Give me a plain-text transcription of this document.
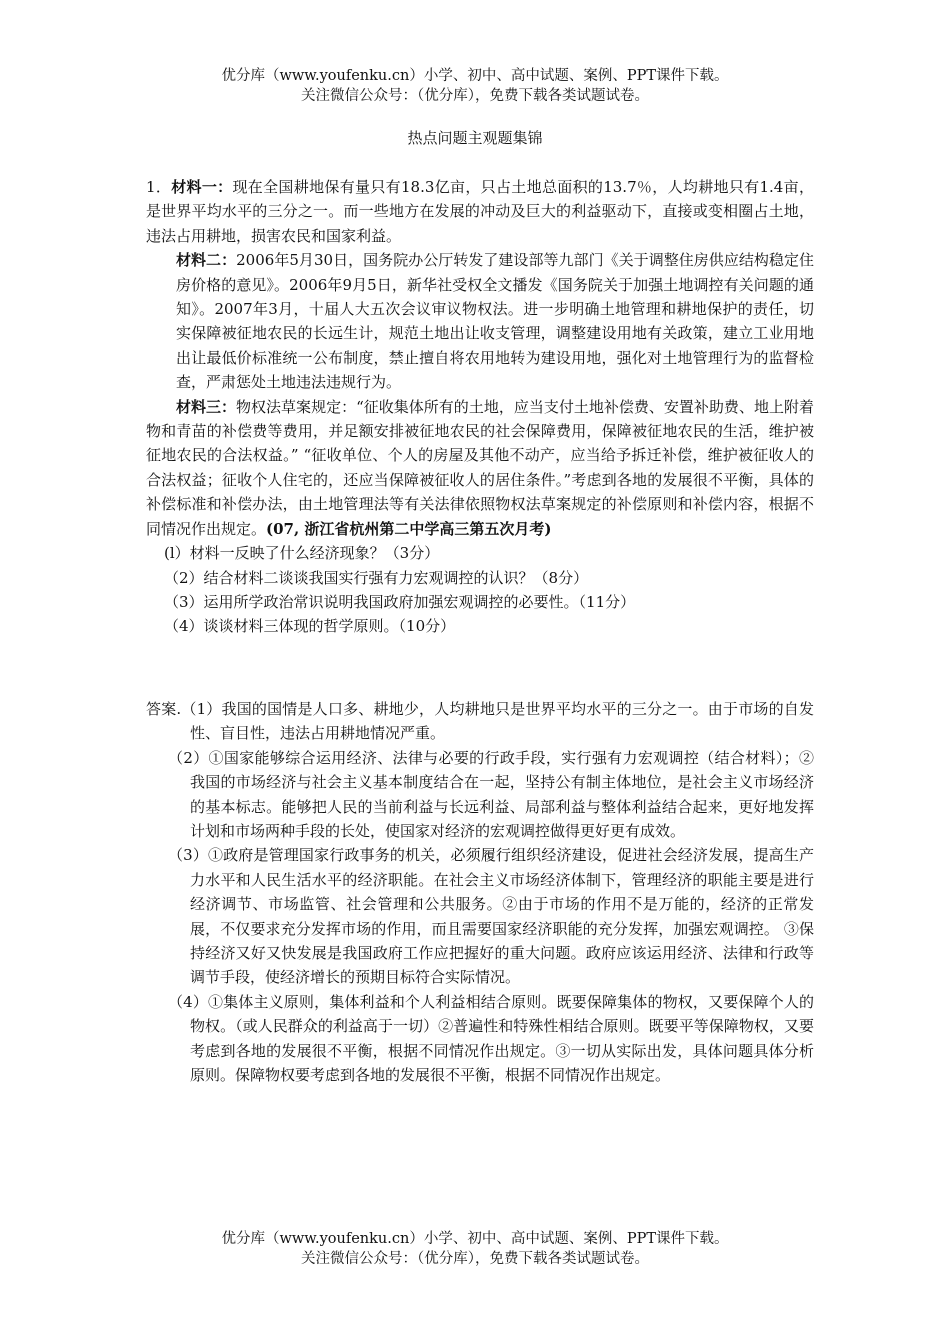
优分库（www.youfenku.cn）小学、初中、高中试题、案例、PPT课件下载。
关注微信公众号：（优分库），免费下载各类试题试卷。
热点问题主观题集锦

1．材料一：现在全国耕地保有量只有18.3亿亩，只占土地总面积的13.7％，人均耕地只有1.4亩，是世界平均水平的三分之一。而一些地方在发展的冲动及巨大的利益驱动下，直接或变相圈占土地，违法占用耕地，损害农民和国家利益。

材料二：2006年5月30日，国务院办公厅转发了建设部等九部门《关于调整住房供应结构稳定住房价格的意见》。2006年9月5日，新华社受权全文播发《国务院关于加强土地调控有关问题的通知》。2007年3月，十届人大五次会议审议物权法。进一步明确土地管理和耕地保护的责任，切实保障被征地农民的长远生计，规范土地出让收支管理，调整建设用地有关政策，建立工业用地出让最低价标准统一公布制度，禁止擅自将农用地转为建设用地，强化对土地管理行为的监督检查，严肃惩处土地违法违规行为。

材料三：物权法草案规定：“征收集体所有的土地，应当支付土地补偿费、安置补助费、地上附着物和青苗的补偿费等费用，并足额安排被征地农民的社会保障费用，保障被征地农民的生活，维护被征地农民的合法权益。” “征收单位、个人的房屋及其他不动产，应当给予拆迁补偿，维护被征收人的合法权益；征收个人住宅的，还应当保障被征收人的居住条件。”考虑到各地的发展很不平衡，具体的补偿标准和补偿办法，由土地管理法等有关法律依照物权法草案规定的补偿原则和补偿内容，根据不同情况作出规定。(07, 浙江省杭州第二中学高三第五次月考)

(l）材料一反映了什么经济现象？（3分）

（2）结合材料二谈谈我国实行强有力宏观调控的认识？（8分）

（3）运用所学政治常识说明我国政府加强宏观调控的必要性。（11分）

（4）谈谈材料三体现的哲学原则。（10分）

答案.（1）我国的国情是人口多、耕地少，人均耕地只是世界平均水平的三分之一。由于市场的自发性、盲目性，违法占用耕地情况严重。

（2）①国家能够综合运用经济、法律与必要的行政手段，实行强有力宏观调控（结合材料）；②我国的市场经济与社会主义基本制度结合在一起，坚持公有制主体地位，是社会主义市场经济的基本标志。能够把人民的当前利益与长远利益、局部利益与整体利益结合起来，更好地发挥计划和市场两种手段的长处，使国家对经济的宏观调控做得更好更有成效。

（3）①政府是管理国家行政事务的机关，必须履行组织经济建设，促进社会经济发展，提高生产力水平和人民生活水平的经济职能。在社会主义市场经济体制下，管理经济的职能主要是进行经济调节、市场监管、社会管理和公共服务。②由于市场的作用不是万能的，经济的正常发展，不仅要求充分发挥市场的作用，而且需要国家经济职能的充分发挥，加强宏观调控。 ③保持经济又好又快发展是我国政府工作应把握好的重大问题。政府应该运用经济、法律和行政等调节手段，使经济增长的预期目标符合实际情况。

（4）①集体主义原则，集体利益和个人利益相结合原则。既要保障集体的物权，又要保障个人的物权。（或人民群众的利益高于一切）②普遍性和特殊性相结合原则。既要平等保障物权，又要考虑到各地的发展很不平衡，根据不同情况作出规定。③一切从实际出发，具体问题具体分析原则。保障物权要考虑到各地的发展很不平衡，根据不同情况作出规定。

优分库（www.youfenku.cn）小学、初中、高中试题、案例、PPT课件下载。
关注微信公众号：（优分库），免费下载各类试题试卷。
